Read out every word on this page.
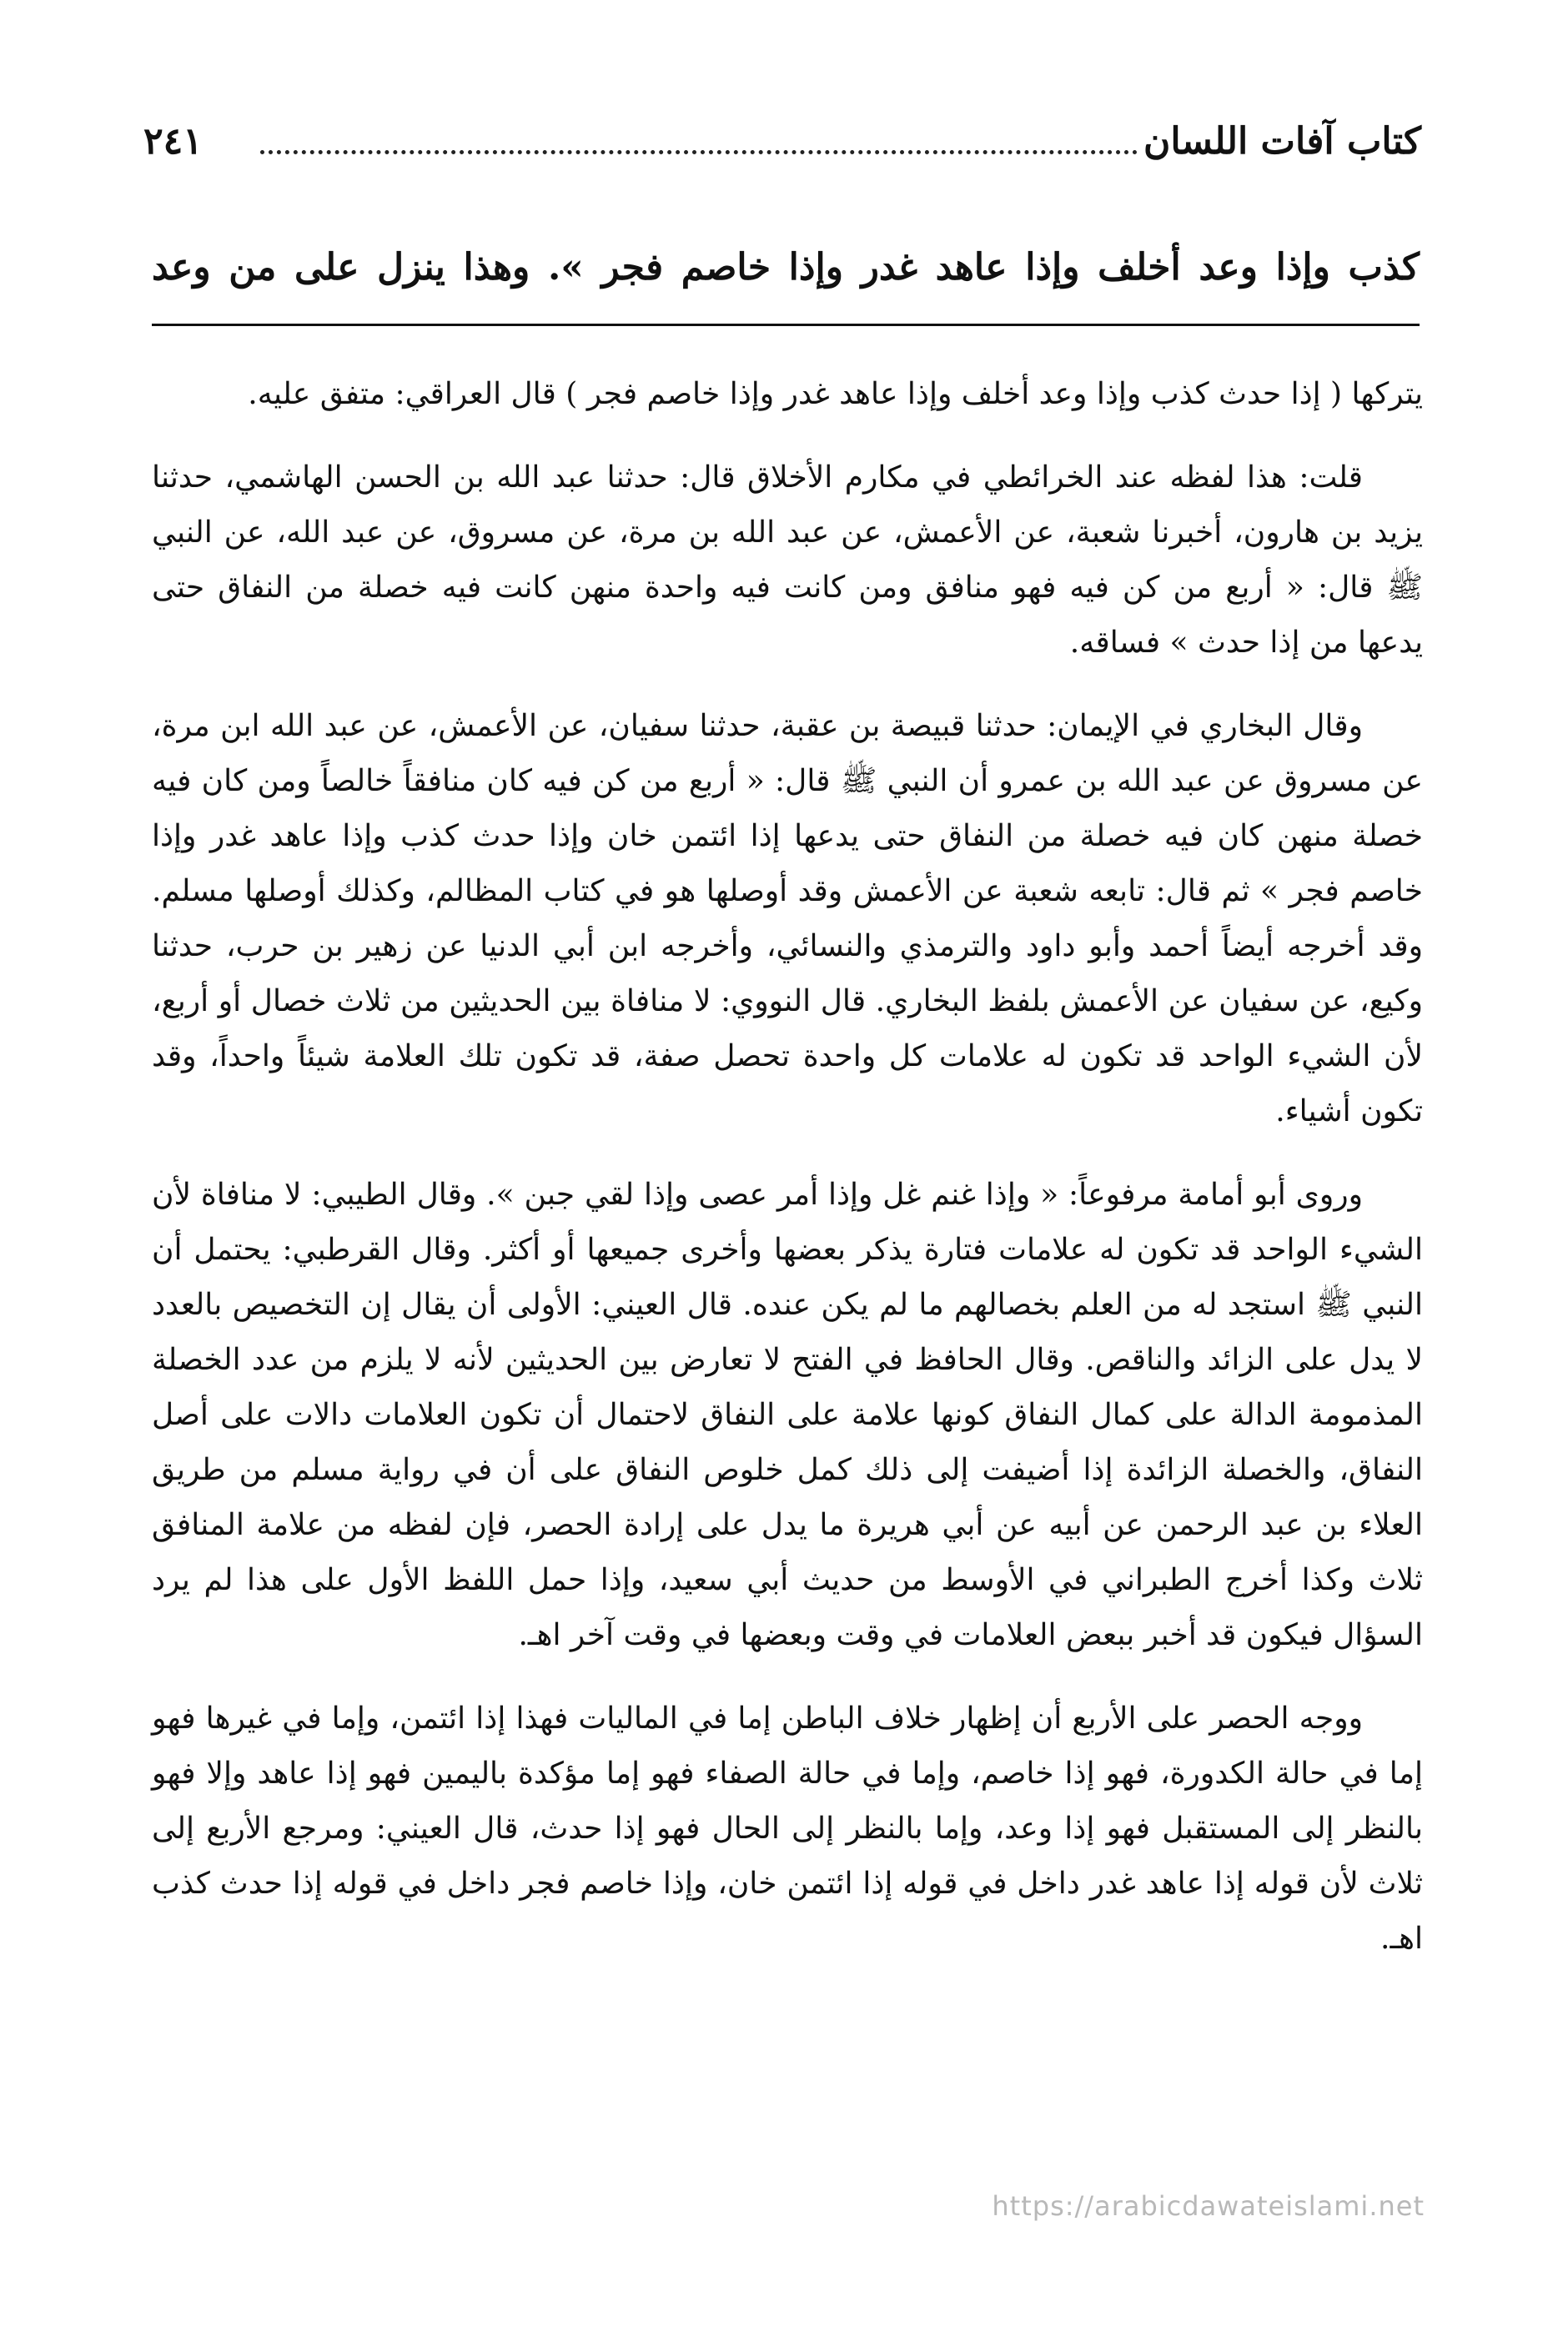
كتاب آفات اللسان
٢٤١
كذب وإذا وعد أخلف وإذا عاهد غدر وإذا خاصم فجر ». وهذا ينزل على من وعد

يتركها ( إذا حدث كذب وإذا وعد أخلف وإذا عاهد غدر وإذا خاصم فجر ) قال العراقي: متفق عليه.

قلت: هذا لفظه عند الخرائطي في مكارم الأخلاق قال: حدثنا عبد الله بن الحسن الهاشمي، حدثنا يزيد بن هارون، أخبرنا شعبة، عن الأعمش، عن عبد الله بن مرة، عن مسروق، عن عبد الله، عن النبي ﷺ قال: « أربع من كن فيه فهو منافق ومن كانت فيه واحدة منهن كانت فيه خصلة من النفاق حتى يدعها من إذا حدث » فساقه.

وقال البخاري في الإيمان: حدثنا قبيصة بن عقبة، حدثنا سفيان، عن الأعمش، عن عبد الله ابن مرة، عن مسروق عن عبد الله بن عمرو أن النبي ﷺ قال: « أربع من كن فيه كان منافقاً خالصاً ومن كان فيه خصلة منهن كان فيه خصلة من النفاق حتى يدعها إذا ائتمن خان وإذا حدث كذب وإذا عاهد غدر وإذا خاصم فجر » ثم قال: تابعه شعبة عن الأعمش وقد أوصلها هو في كتاب المظالم، وكذلك أوصلها مسلم. وقد أخرجه أيضاً أحمد وأبو داود والترمذي والنسائي، وأخرجه ابن أبي الدنيا عن زهير بن حرب، حدثنا وكيع، عن سفيان عن الأعمش بلفظ البخاري. قال النووي: لا منافاة بين الحديثين من ثلاث خصال أو أربع، لأن الشيء الواحد قد تكون له علامات كل واحدة تحصل صفة، قد تكون تلك العلامة شيئاً واحداً، وقد تكون أشياء.

وروى أبو أمامة مرفوعاً: « وإذا غنم غل وإذا أمر عصى وإذا لقي جبن ». وقال الطيبي: لا منافاة لأن الشيء الواحد قد تكون له علامات فتارة يذكر بعضها وأخرى جميعها أو أكثر. وقال القرطبي: يحتمل أن النبي ﷺ استجد له من العلم بخصالهم ما لم يكن عنده. قال العيني: الأولى أن يقال إن التخصيص بالعدد لا يدل على الزائد والناقص. وقال الحافظ في الفتح لا تعارض بين الحديثين لأنه لا يلزم من عدد الخصلة المذمومة الدالة على كمال النفاق كونها علامة على النفاق لاحتمال أن تكون العلامات دالات على أصل النفاق، والخصلة الزائدة إذا أضيفت إلى ذلك كمل خلوص النفاق على أن في رواية مسلم من طريق العلاء بن عبد الرحمن عن أبيه عن أبي هريرة ما يدل على إرادة الحصر، فإن لفظه من علامة المنافق ثلاث وكذا أخرج الطبراني في الأوسط من حديث أبي سعيد، وإذا حمل اللفظ الأول على هذا لم يرد السؤال فيكون قد أخبر ببعض العلامات في وقت وبعضها في وقت آخر اهـ.

ووجه الحصر على الأربع أن إظهار خلاف الباطن إما في الماليات فهذا إذا ائتمن، وإما في غيرها فهو إما في حالة الكدورة، فهو إذا خاصم، وإما في حالة الصفاء فهو إما مؤكدة باليمين فهو إذا عاهد وإلا فهو بالنظر إلى المستقبل فهو إذا وعد، وإما بالنظر إلى الحال فهو إذا حدث، قال العيني: ومرجع الأربع إلى ثلاث لأن قوله إذا عاهد غدر داخل في قوله إذا ائتمن خان، وإذا خاصم فجر داخل في قوله إذا حدث كذب اهـ.

https://arabicdawateislami.net
